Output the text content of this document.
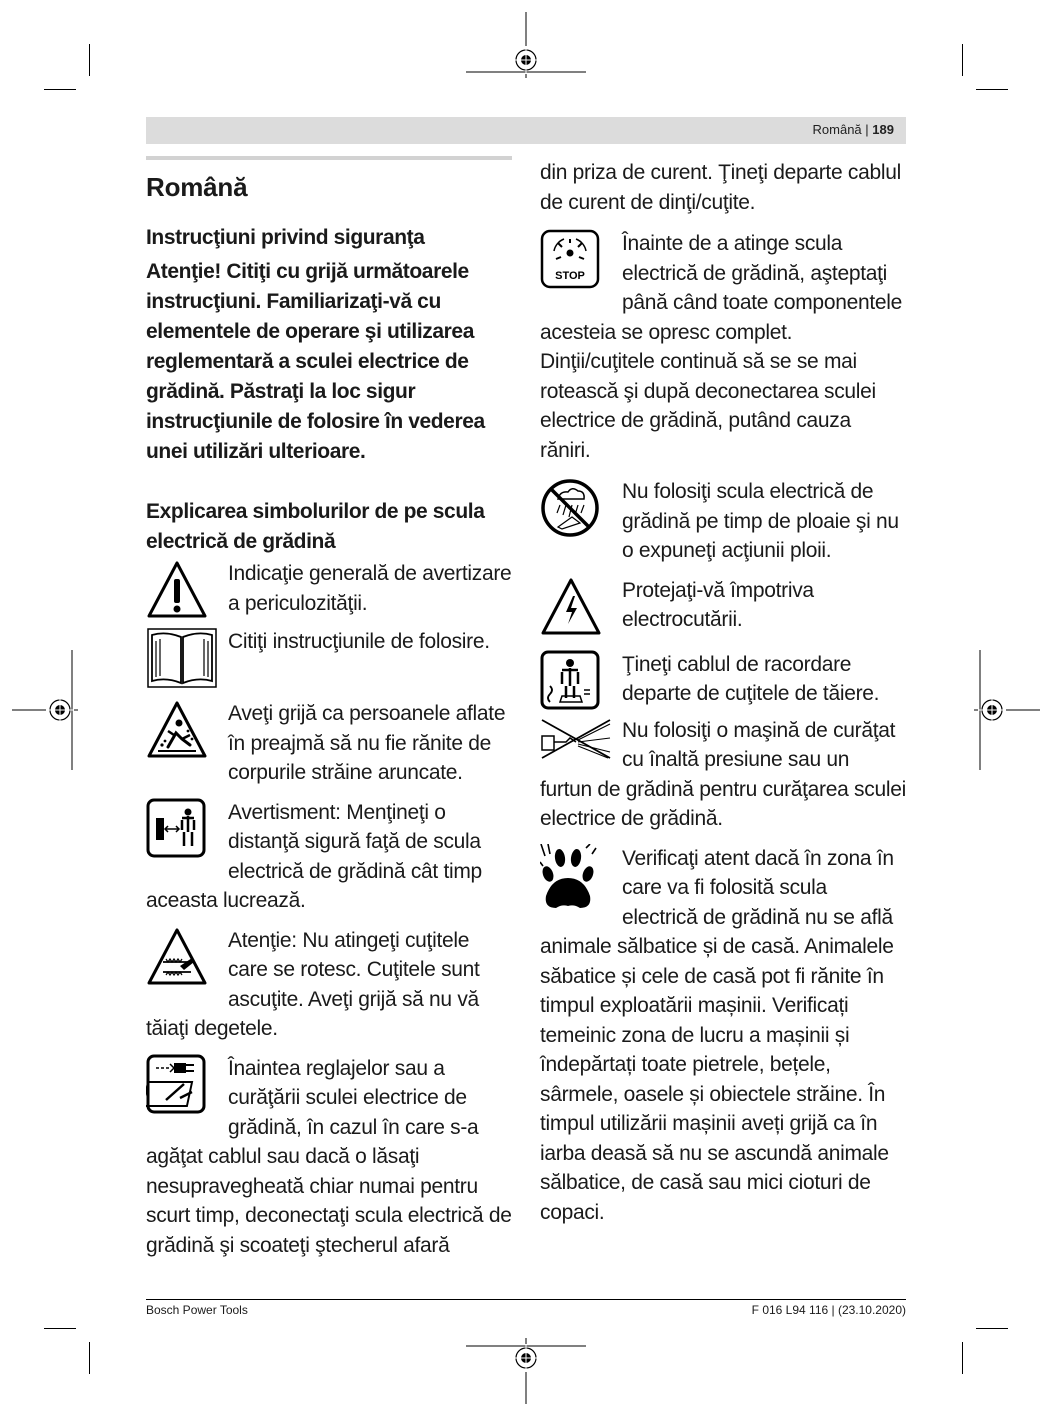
Română | 189
Română
Instrucţiuni privind siguranţa
Atenţie! Citiţi cu grijă următoarele instrucţiuni. Familiarizaţi-vă cu elementele de operare şi utilizarea reglementară a sculei electrice de grădină. Păstraţi la loc sigur instrucţiunile de folosire în vederea unei utilizări ulterioare.
Explicarea simbolurilor de pe scula electrică de grădină
Indicaţie generală de avertizare a periculozităţii.
Citiţi instrucţiunile de folosire.
Aveţi grijă ca persoanele aflate în preajmă să nu fie rănite de corpurile străine aruncate.
Avertisment: Menţineţi o distanţă sigură faţă de scula electrică de grădină cât timp aceasta lucrează.
Atenţie: Nu atingeţi cuţitele care se rotesc. Cuţitele sunt ascuţite. Aveţi grijă să nu vă tăiaţi degetele.
Înaintea reglajelor sau a curăţării sculei electrice de grădină, în cazul în care s-a agăţat cablul sau dacă o lăsaţi nesupravegheată chiar numai pentru scurt timp, deconectaţi scula electrică de grădină şi scoateţi ştecherul afară
din priza de curent. Ţineţi departe cablul de curent de dinţi/cuţite.
STOP
Înainte de a atinge scula electrică de grădină, aşteptaţi până când toate componentele acesteia se opresc complet. Dinţii/cuţitele continuă să se se mai rotească şi după deconectarea sculei electrice de grădină, putând cauza răniri.
Nu folosiţi scula electrică de grădină pe timp de ploaie şi nu o expuneţi acţiunii ploii.
Protejaţi-vă împotriva electrocutării.
Ţineţi cablul de racordare departe de cuţitele de tăiere.
Nu folosiţi o maşină de curăţat cu înaltă presiune sau un furtun de grădină pentru curăţarea sculei electrice de grădină.
Verificaţi atent dacă în zona în care va fi folosită scula electrică de grădină nu se află animale sălbatice și de casă. Animalele săbatice și cele de casă pot fi rănite în timpul exploatării mașinii. Verificați temeinic zona de lucru a mașinii și îndepărtați toate pietrele, bețele, sârmele, oasele și obiectele străine. În timpul utilizării mașinii aveți grijă ca în iarba deasă să nu se ascundă animale sălbatice, de casă sau mici cioturi de copaci.
Bosch Power Tools	F 016 L94 116 | (23.10.2020)
